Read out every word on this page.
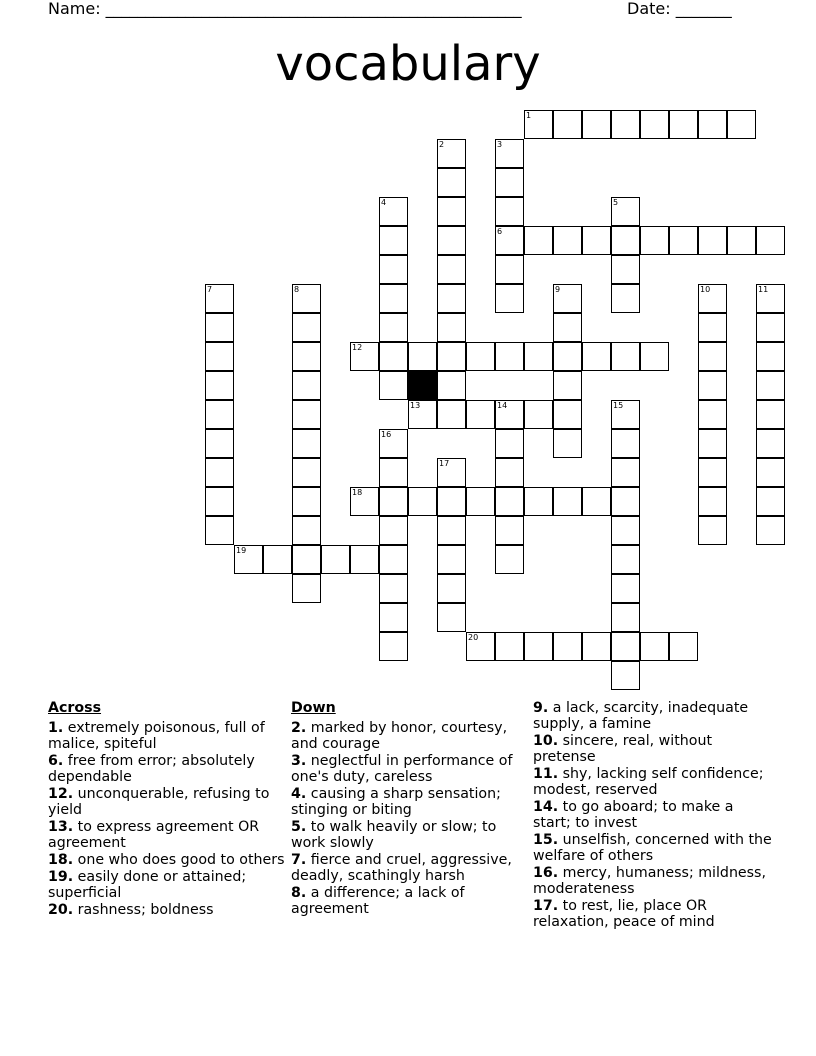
Name: ____________________________________________________	Date: _______
vocabulary
1
2	3
4	5
6
7	8	9	10	11
12
13	14	15
16
17
18
19
20
Across
1. extremely poisonous, full of malice, spiteful
6. free from error; absolutely dependable
12. unconquerable, refusing to yield
13. to express agreement OR agreement
18. one who does good to others
19. easily done or attained; superficial
20. rashness; boldness
Down
2. marked by honor, courtesy, and courage
3. neglectful in performance of one's duty, careless
4. causing a sharp sensation; stinging or biting
5. to walk heavily or slow; to work slowly
7. fierce and cruel, aggressive, deadly, scathingly harsh
8. a difference; a lack of agreement
9. a lack, scarcity, inadequate supply, a famine
10. sincere, real, without pretense
11. shy, lacking self confidence; modest, reserved
14. to go aboard; to make a start; to invest
15. unselfish, concerned with the welfare of others
16. mercy, humaness; mildness, moderateness
17. to rest, lie, place OR relaxation, peace of mind
